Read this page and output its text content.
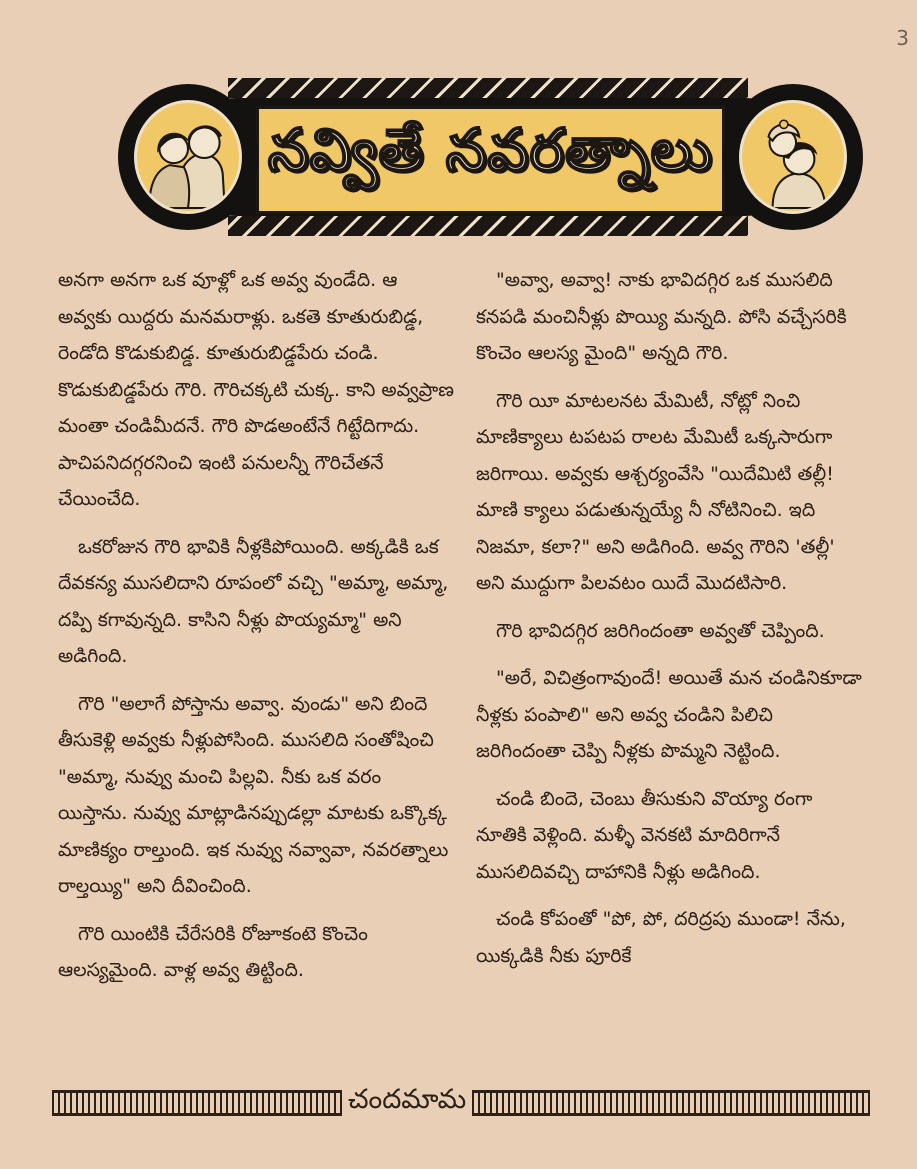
3
నవ్వితే నవరత్నాలు

అనగా అనగా ఒక వూళ్లో ఒక అవ్వ వుండేది. ఆ అవ్వకు యిద్దరు మనమరాళ్లు. ఒకతె కూతురుబిడ్డ, రెండోది కొడుకుబిడ్డ. కూతురుబిడ్డపేరు చండి. కొడుకుబిడ్డపేరు గౌరి. గౌరిచక్కటి చుక్క. కాని అవ్వప్రాణ మంతా చండిమీదనే. గౌరి పొడఅంటేనే గిట్టేదిగాదు. పాచిపనిదగ్గరనించి ఇంటి పనులన్నీ గౌరిచేతనే చేయించేది.

ఒకరోజున గౌరి భావికి నీళ్లకిపోయింది. అక్కడికి ఒక దేవకన్య ముసలిదాని రూపంలో వచ్చి "అమ్మా, అమ్మా, దప్పి కగావున్నది. కాసిని నీళ్లు పొయ్యమ్మా" అని అడిగింది.

గౌరి "అలాగే పోస్తాను అవ్వా. వుండు" అని బిందె తీసుకెళ్లి అవ్వకు నీళ్లుపోసింది. ముసలిది సంతోషించి "అమ్మా, నువ్వు మంచి పిల్లవి. నీకు ఒక వరం యిస్తాను. నువ్వు మాట్లాడినప్పుడల్లా మాటకు ఒక్కొక్క మాణిక్యం రాల్తుంది. ఇక నువ్వు నవ్వావా, నవరత్నాలు రాల్తయ్యి" అని దీవించింది.

గౌరి యింటికి చేరేసరికి రోజూకంటె కొంచెం ఆలస్యమైంది. వాళ్ల అవ్వ తిట్టింది.

"అవ్వా, అవ్వా! నాకు భావిదగ్గిర ఒక ముసలిది కనపడి మంచినీళ్లు పొయ్యి మన్నది. పోసి వచ్చేసరికి కొంచెం ఆలస్య మైంది" అన్నది గౌరి.

గౌరి యీ మాటలనట మేమిటీ, నోట్లో నించి మాణిక్యాలు టపటప రాలట మేమిటీ ఒక్కసారుగా జరిగాయి. అవ్వకు ఆశ్చర్యంవేసి "యిదేమిటి తల్లీ! మాణి క్యాలు పడుతున్నయ్యే నీ నోటినించి. ఇది నిజమా, కలా?" అని అడిగింది. అవ్వ గౌరిని 'తల్లీ' అని ముద్దుగా పిలవటం యిదే మొదటిసారి.

గౌరి భావిదగ్గిర జరిగిందంతా అవ్వతో చెప్పింది.

"అరే, విచిత్రంగావుందే! అయితే మన చండినికూడా నీళ్లకు పంపాలి" అని అవ్వ చండిని పిలిచి జరిగిందంతా చెప్పి నీళ్లకు పొమ్మని నెట్టింది.

చండి బిందె, చెంబు తీసుకుని వొయ్యా రంగా నూతికి వెళ్లింది. మళ్ళీ వెనకటి మాదిరిగానే ముసలిదివచ్చి దాహానికి నీళ్లు అడిగింది.

చండి కోపంతో "పో, పో, దరిద్రపు ముండా! నేను, యిక్కడికి నీకు పూరికే

చందమామ
